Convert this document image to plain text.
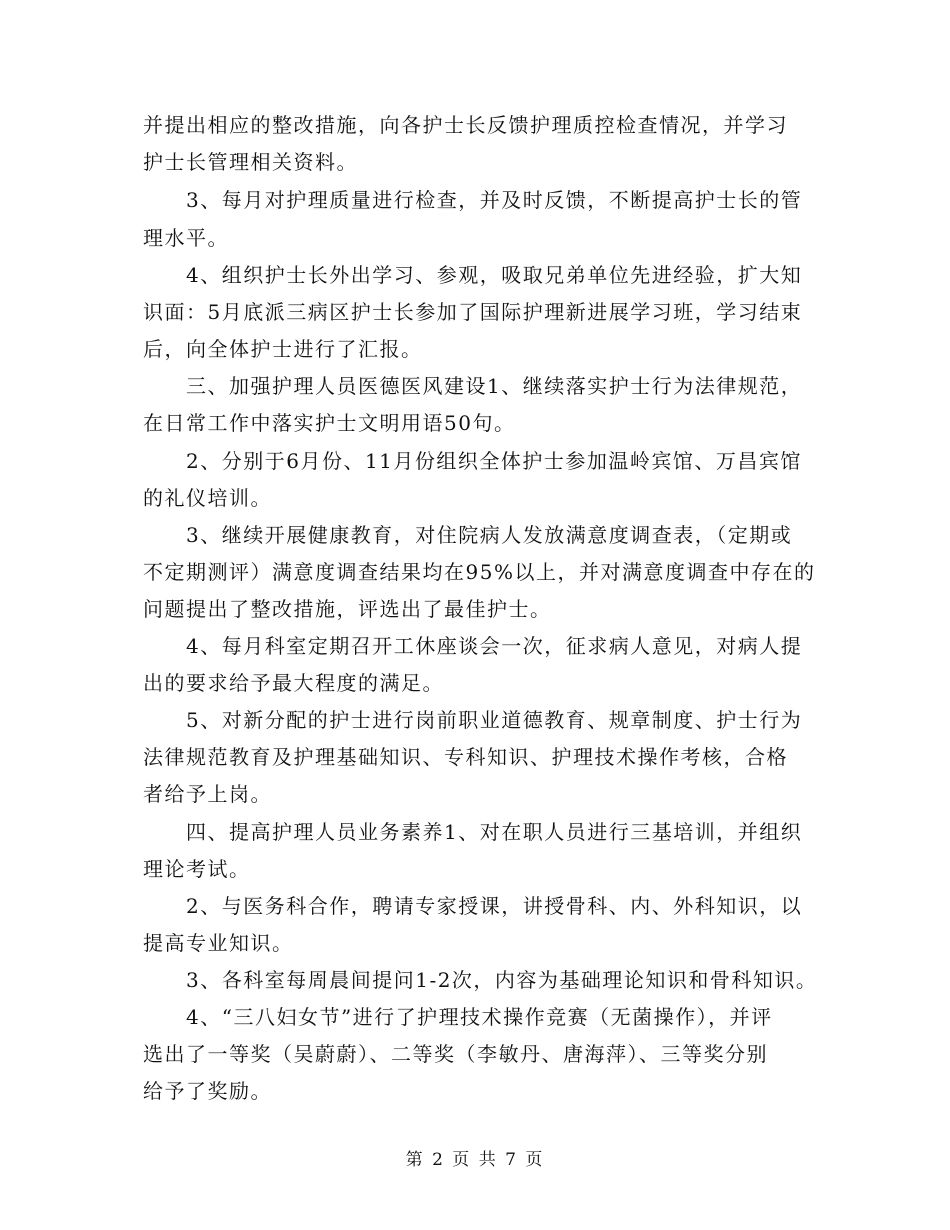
并提出相应的整改措施，向各护士长反馈护理质控检查情况，并学习
护士长管理相关资料。
3、每月对护理质量进行检查，并及时反馈，不断提高护士长的管
理水平。
4、组织护士长外出学习、参观，吸取兄弟单位先进经验，扩大知
识面：5月底派三病区护士长参加了国际护理新进展学习班，学习结束
后，向全体护士进行了汇报。
三、加强护理人员医德医风建设1、继续落实护士行为法律规范，
在日常工作中落实护士文明用语50句。
2、分别于6月份、11月份组织全体护士参加温岭宾馆、万昌宾馆
的礼仪培训。
3、继续开展健康教育，对住院病人发放满意度调查表，（定期或
不定期测评）满意度调查结果均在95%以上，并对满意度调查中存在的
问题提出了整改措施，评选出了最佳护士。
4、每月科室定期召开工休座谈会一次，征求病人意见，对病人提
出的要求给予最大程度的满足。
5、对新分配的护士进行岗前职业道德教育、规章制度、护士行为
法律规范教育及护理基础知识、专科知识、护理技术操作考核，合格
者给予上岗。
四、提高护理人员业务素养1、对在职人员进行三基培训，并组织
理论考试。
2、与医务科合作，聘请专家授课，讲授骨科、内、外科知识，以
提高专业知识。
3、各科室每周晨间提问1-2次，内容为基础理论知识和骨科知识。
4、“三八妇女节”进行了护理技术操作竞赛（无菌操作），并评
选出了一等奖（吴蔚蔚）、二等奖（李敏丹、唐海萍）、三等奖分别
给予了奖励。
第 2 页 共 7 页
